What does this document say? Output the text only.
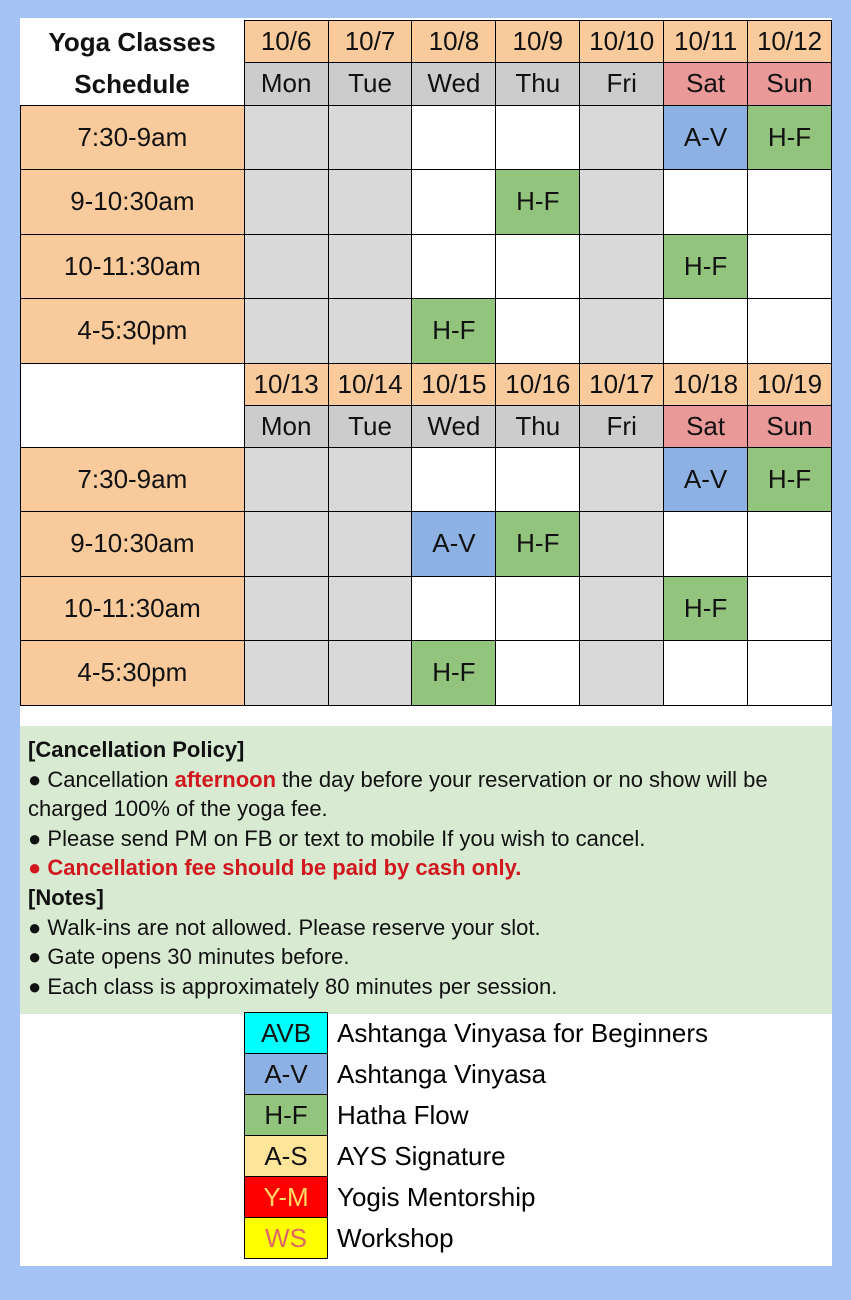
Yoga Classes	10/6	10/7	10/8	10/9	10/10	10/11	10/12
Schedule	Mon	Tue	Wed	Thu	Fri	Sat	Sun
7:30-9am						A-V	H-F
9-10:30am				H-F			
10-11:30am						H-F	
4-5:30pm			H-F				
	10/13	10/14	10/15	10/16	10/17	10/18	10/19
	Mon	Tue	Wed	Thu	Fri	Sat	Sun
7:30-9am						A-V	H-F
9-10:30am			A-V	H-F			
10-11:30am						H-F	
4-5:30pm			H-F				
[Cancellation Policy]
● Cancellation afternoon the day before your reservation or no show will be charged 100% of the yoga fee.
● Please send PM on FB or text to mobile If you wish to cancel.
● Cancellation fee should be paid by cash only.
[Notes]
● Walk-ins are not allowed. Please reserve your slot.
● Gate opens 30 minutes before.
● Each class is approximately 80 minutes per session.
AVB	Ashtanga Vinyasa for Beginners
A-V	Ashtanga Vinyasa
H-F	Hatha Flow
A-S	AYS Signature
Y-M	Yogis Mentorship
WS	Workshop
